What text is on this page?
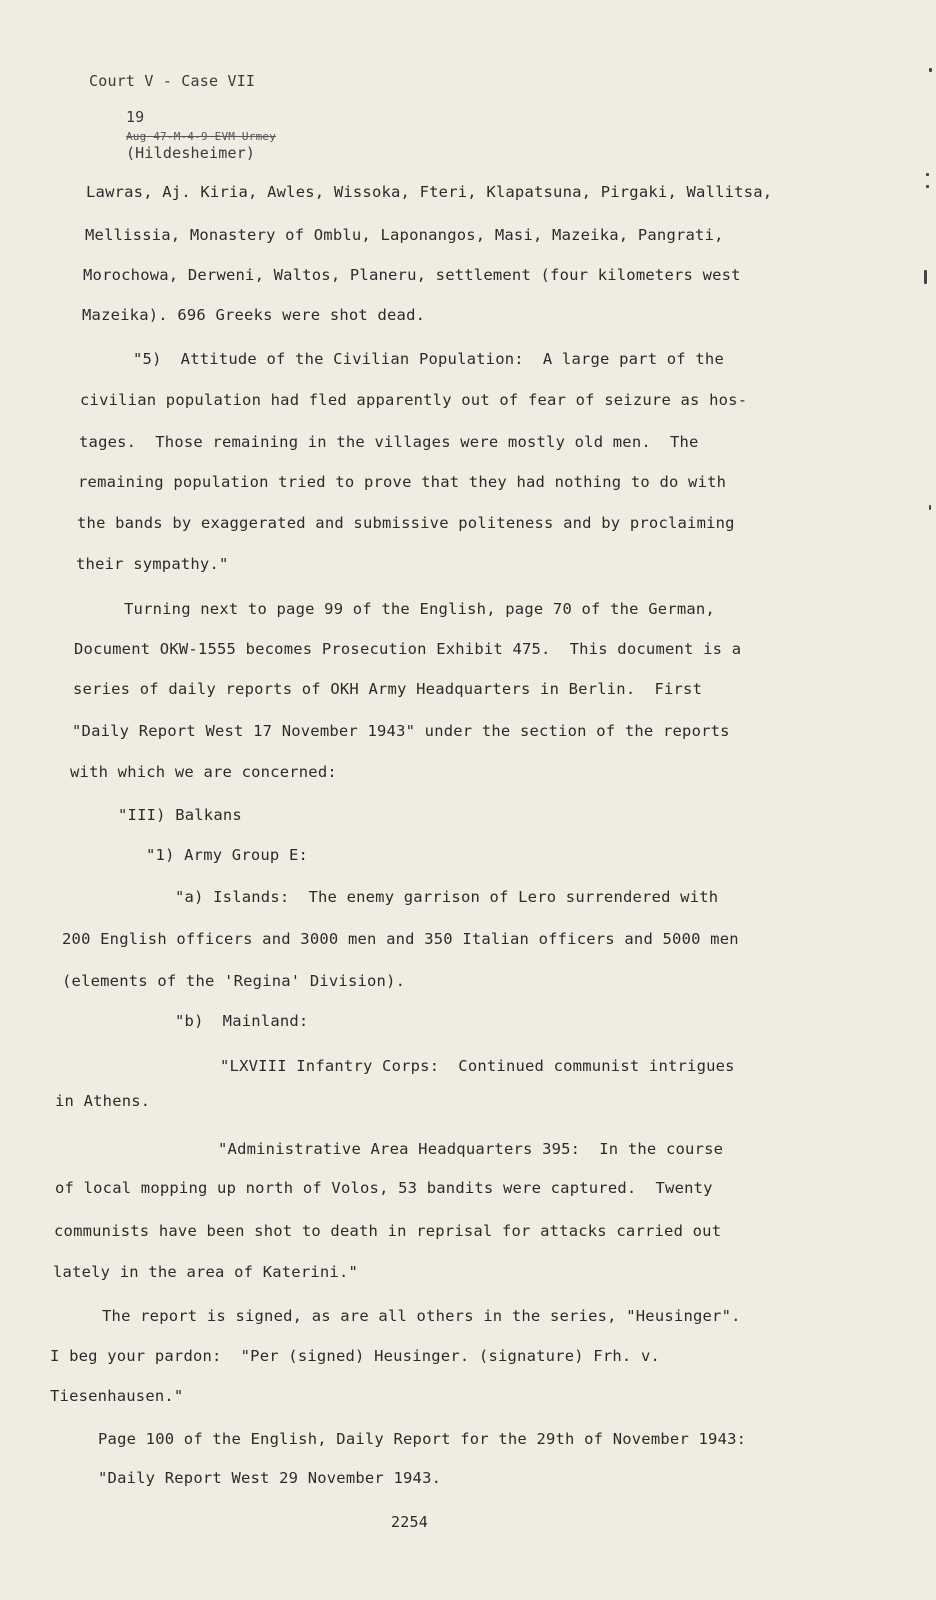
Court V - Case VII

19
Aug 47-M-4-9 EVM Urmey
(Hildesheimer)

Lawras, Aj. Kiria, Awles, Wissoka, Fteri, Klapatsuna, Pirgaki, Wallitsa,
Mellissia, Monastery of Omblu, Laponangos, Masi, Mazeika, Pangrati,
Morochowa, Derweni, Waltos, Planeru, settlement (four kilometers west
Mazeika). 696 Greeks were shot dead.
"5)  Attitude of the Civilian Population:  A large part of the
civilian population had fled apparently out of fear of seizure as hos-
tages.  Those remaining in the villages were mostly old men.  The
remaining population tried to prove that they had nothing to do with
the bands by exaggerated and submissive politeness and by proclaiming
their sympathy."
Turning next to page 99 of the English, page 70 of the German,
Document OKW-1555 becomes Prosecution Exhibit 475.  This document is a
series of daily reports of OKH Army Headquarters in Berlin.  First
"Daily Report West 17 November 1943" under the section of the reports
with which we are concerned:
"III) Balkans
"1) Army Group E:
"a) Islands:  The enemy garrison of Lero surrendered with
200 English officers and 3000 men and 350 Italian officers and 5000 men
(elements of the 'Regina' Division).
"b)  Mainland:
"LXVIII Infantry Corps:  Continued communist intrigues
in Athens.
"Administrative Area Headquarters 395:  In the course
of local mopping up north of Volos, 53 bandits were captured.  Twenty
communists have been shot to death in reprisal for attacks carried out
lately in the area of Katerini."
The report is signed, as are all others in the series, "Heusinger".
I beg your pardon:  "Per (signed) Heusinger. (signature) Frh. v.
Tiesenhausen."
Page 100 of the English, Daily Report for the 29th of November 1943:
"Daily Report West 29 November 1943.
2254
